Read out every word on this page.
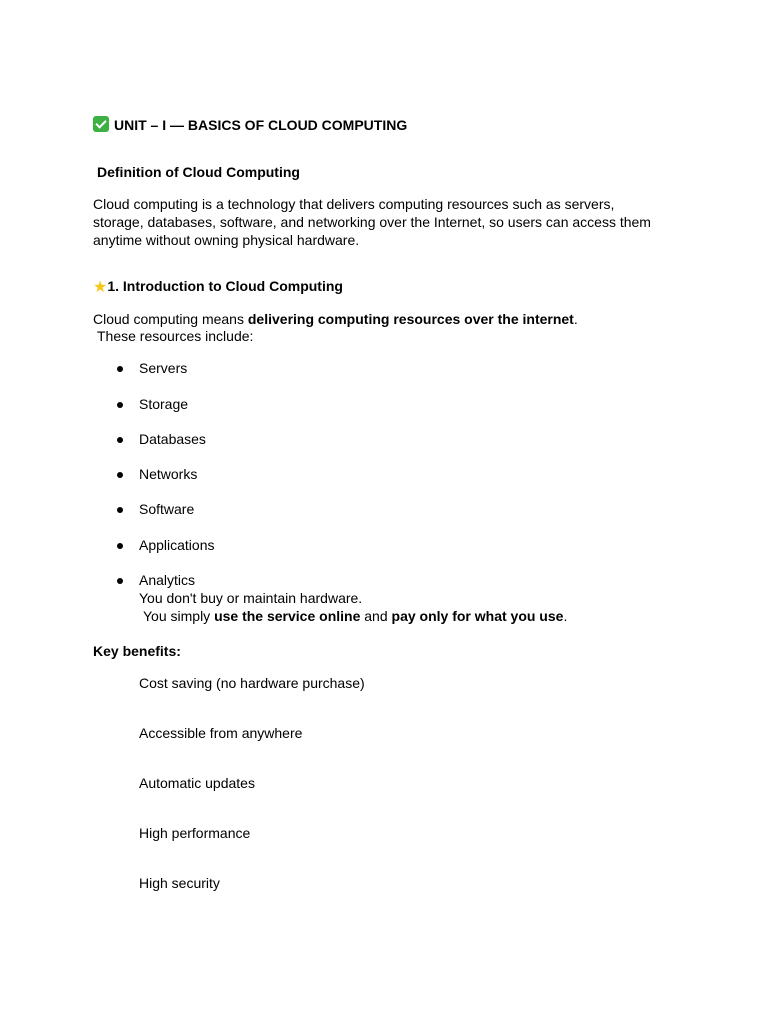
UNIT – I — BASICS OF CLOUD COMPUTING
Definition of Cloud Computing
Cloud computing is a technology that delivers computing resources such as servers,
storage, databases, software, and networking over the Internet, so users can access them
anytime without owning physical hardware.
★1. Introduction to Cloud Computing
Cloud computing means delivering computing resources over the internet.
These resources include:
Servers
Storage
Databases
Networks
Software
Applications
Analytics
You don't buy or maintain hardware.
You simply use the service online and pay only for what you use.
Key benefits:
Cost saving (no hardware purchase)
Accessible from anywhere
Automatic updates
High performance
High security
